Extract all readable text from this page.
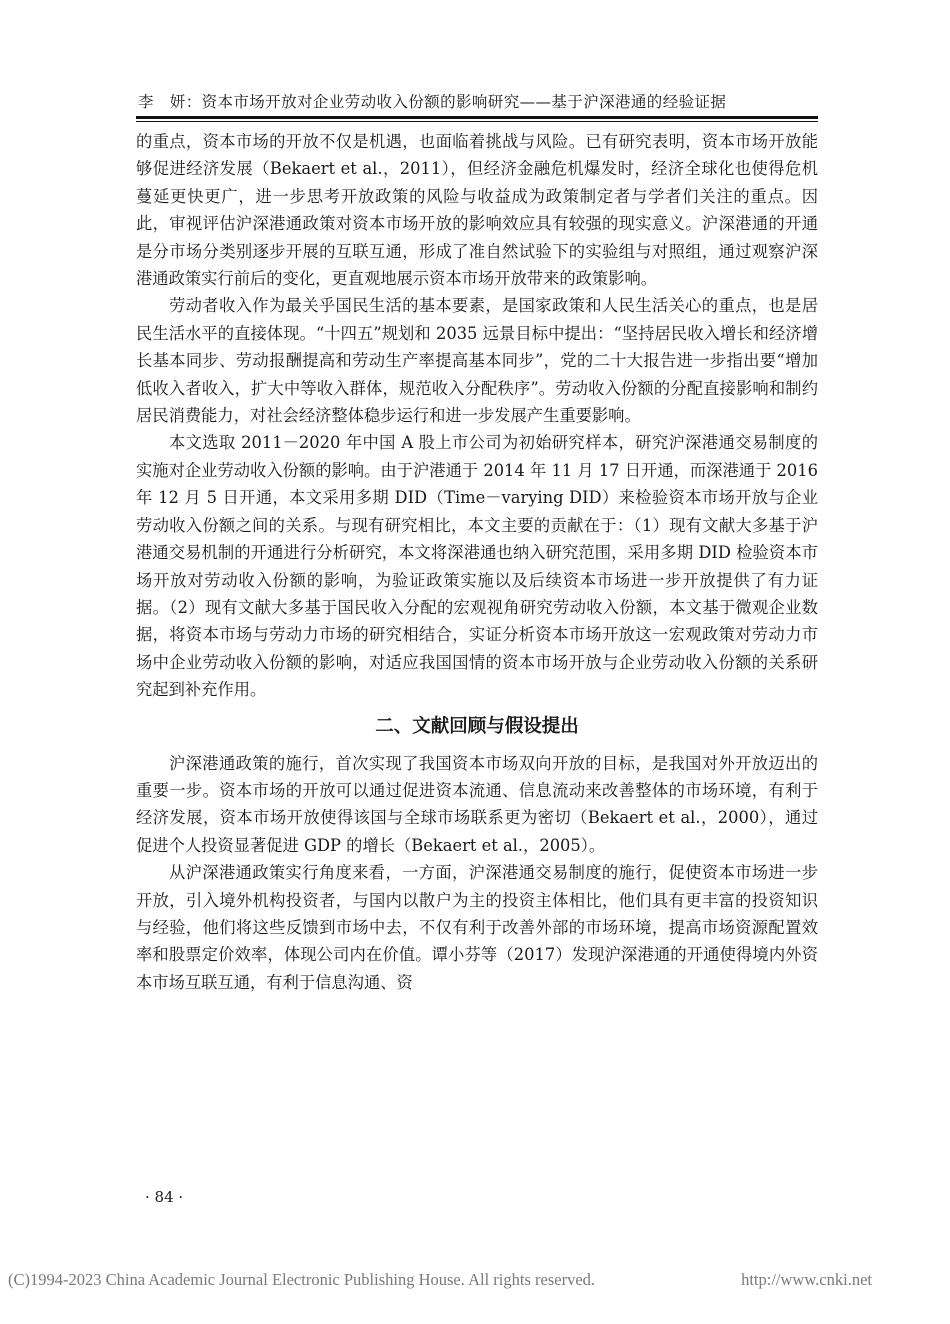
李　妍：资本市场开放对企业劳动收入份额的影响研究——基于沪深港通的经验证据

的重点，资本市场的开放不仅是机遇，也面临着挑战与风险。已有研究表明，资本市场开放能够促进经济发展（Bekaert et al.，2011），但经济金融危机爆发时，经济全球化也使得危机蔓延更快更广，进一步思考开放政策的风险与收益成为政策制定者与学者们关注的重点。因此，审视评估沪深港通政策对资本市场开放的影响效应具有较强的现实意义。沪深港通的开通是分市场分类别逐步开展的互联互通，形成了准自然试验下的实验组与对照组，通过观察沪深港通政策实行前后的变化，更直观地展示资本市场开放带来的政策影响。

劳动者收入作为最关乎国民生活的基本要素，是国家政策和人民生活关心的重点，也是居民生活水平的直接体现。“十四五”规划和 2035 远景目标中提出：“坚持居民收入增长和经济增长基本同步、劳动报酬提高和劳动生产率提高基本同步”，党的二十大报告进一步指出要“增加低收入者收入，扩大中等收入群体，规范收入分配秩序”。劳动收入份额的分配直接影响和制约居民消费能力，对社会经济整体稳步运行和进一步发展产生重要影响。

本文选取 2011－2020 年中国 A 股上市公司为初始研究样本，研究沪深港通交易制度的实施对企业劳动收入份额的影响。由于沪港通于 2014 年 11 月 17 日开通，而深港通于 2016 年 12 月 5 日开通，本文采用多期 DID（Time－varying DID）来检验资本市场开放与企业劳动收入份额之间的关系。与现有研究相比，本文主要的贡献在于：（1）现有文献大多基于沪港通交易机制的开通进行分析研究，本文将深港通也纳入研究范围，采用多期 DID 检验资本市场开放对劳动收入份额的影响，为验证政策实施以及后续资本市场进一步开放提供了有力证据。（2）现有文献大多基于国民收入分配的宏观视角研究劳动收入份额，本文基于微观企业数据，将资本市场与劳动力市场的研究相结合，实证分析资本市场开放这一宏观政策对劳动力市场中企业劳动收入份额的影响，对适应我国国情的资本市场开放与企业劳动收入份额的关系研究起到补充作用。

二、文献回顾与假设提出

沪深港通政策的施行，首次实现了我国资本市场双向开放的目标，是我国对外开放迈出的重要一步。资本市场的开放可以通过促进资本流通、信息流动来改善整体的市场环境，有利于经济发展，资本市场开放使得该国与全球市场联系更为密切（Bekaert et al.，2000），通过促进个人投资显著促进 GDP 的增长（Bekaert et al.，2005）。

从沪深港通政策实行角度来看，一方面，沪深港通交易制度的施行，促使资本市场进一步开放，引入境外机构投资者，与国内以散户为主的投资主体相比，他们具有更丰富的投资知识与经验，他们将这些反馈到市场中去，不仅有利于改善外部的市场环境，提高市场资源配置效率和股票定价效率，体现公司内在价值。谭小芬等（2017）发现沪深港通的开通使得境内外资本市场互联互通，有利于信息沟通、资

· 84 ·
(C)1994-2023 China Academic Journal Electronic Publishing House. All rights reserved.	http://www.cnki.net
